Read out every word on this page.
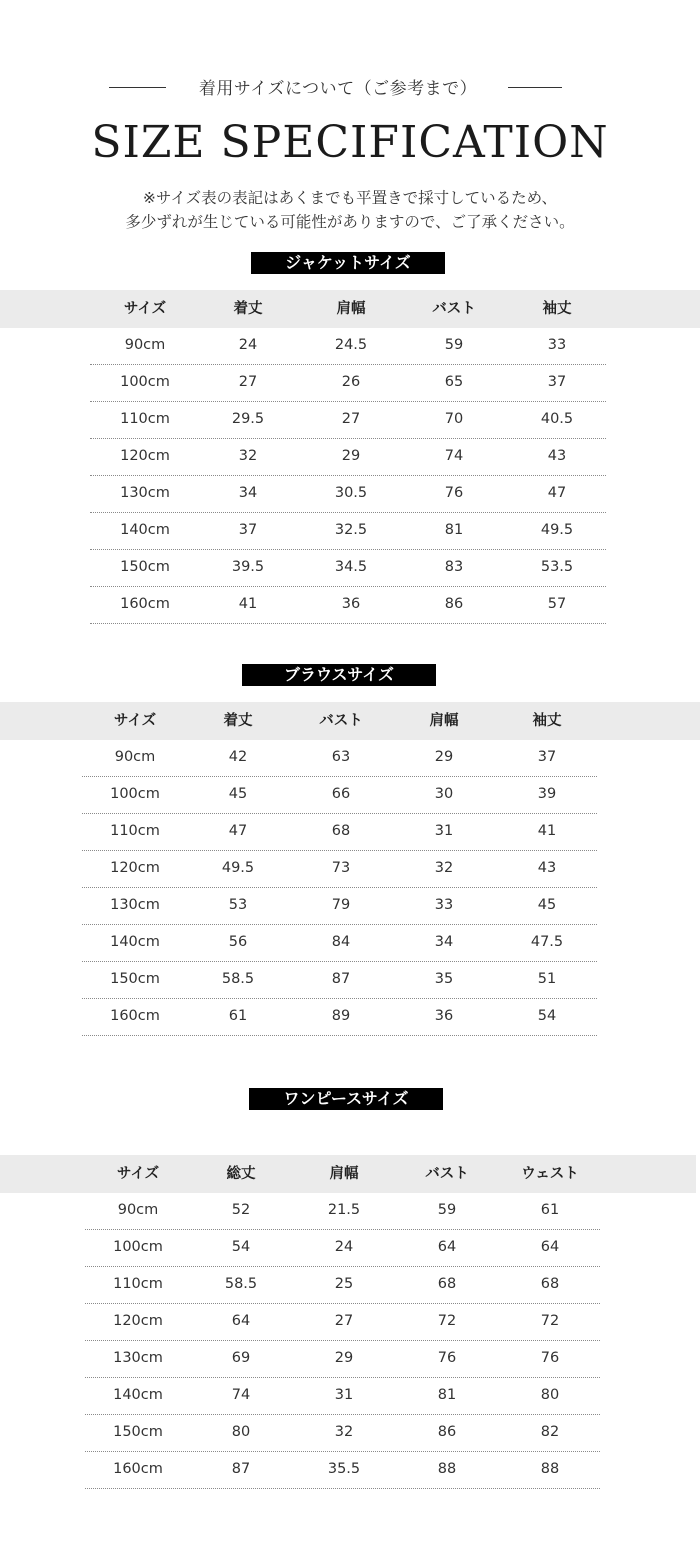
着用サイズについて（ご参考まで）
SIZE SPECIFICATION
※サイズ表の表記はあくまでも平置きで採寸しているため、
多少ずれが生じている可能性がありますので、ご了承ください。
ジャケットサイズ
サイズ	着丈	肩幅	バスト	袖丈
90cm	24	24.5	59	33
100cm	27	26	65	37
110cm	29.5	27	70	40.5
120cm	32	29	74	43
130cm	34	30.5	76	47
140cm	37	32.5	81	49.5
150cm	39.5	34.5	83	53.5
160cm	41	36	86	57
ブラウスサイズ
サイズ	着丈	バスト	肩幅	袖丈
90cm	42	63	29	37
100cm	45	66	30	39
110cm	47	68	31	41
120cm	49.5	73	32	43
130cm	53	79	33	45
140cm	56	84	34	47.5
150cm	58.5	87	35	51
160cm	61	89	36	54
ワンピースサイズ
サイズ	総丈	肩幅	バスト	ウェスト
90cm	52	21.5	59	61
100cm	54	24	64	64
110cm	58.5	25	68	68
120cm	64	27	72	72
130cm	69	29	76	76
140cm	74	31	81	80
150cm	80	32	86	82
160cm	87	35.5	88	88
